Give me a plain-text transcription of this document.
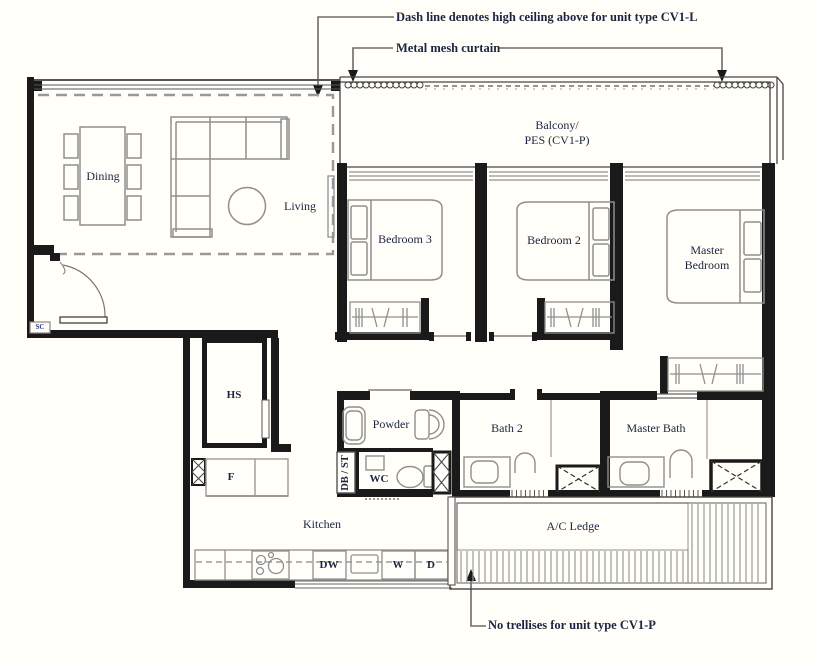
Dash line denotes high ceiling above for unit type CV1-L
Metal mesh curtain
No trellises for unit type CV1-P
Balcony/
PES (CV1-P)
Dining
Living
Bedroom 3	Bedroom 2
Master
Bedroom
HS
Powder
WC
DB / ST
Bath 2	Master Bath
Kitchen	A/C Ledge
F
SC
DW	W D
